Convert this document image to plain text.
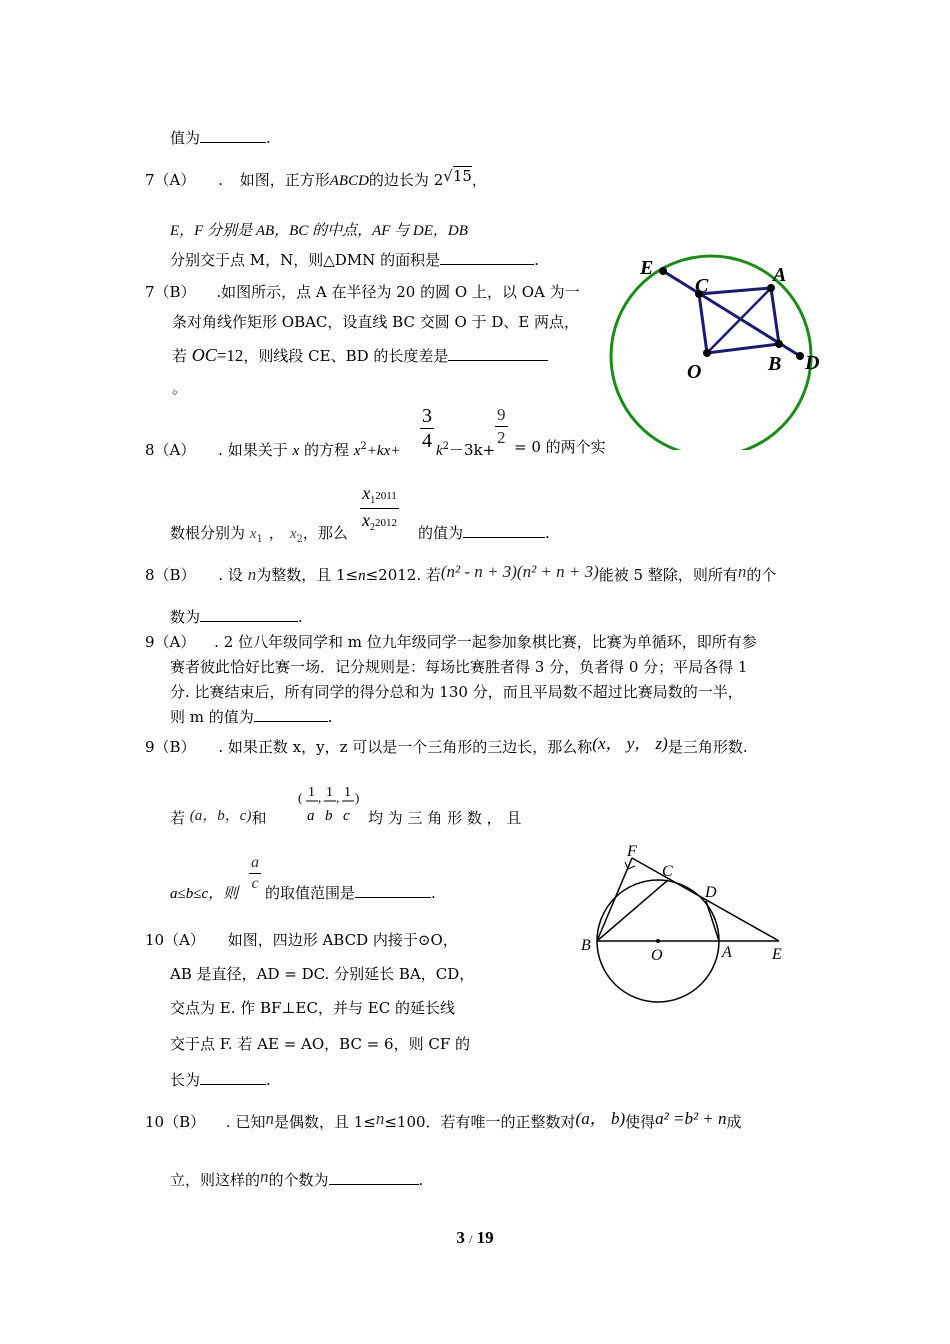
值为	.
7（A） . 如图，正方形ABCD的边长为 2√15，
E，F 分别是 AB，BC 的中点，AF 与 DE，DB
分别交于点 M，N，则△DMN 的面积是	.
7（B） .如图所示，点 A 在半径为 20 的圆 O 上，以 OA 为一
条对角线作矩形 OBAC，设直线 BC 交圆 O 于 D、E 两点，
若 OC=12，则线段 CE、BD 的长度差是
。
E
C	A
O	B D
8（A） . 如果关于 x 的方程 $x^2+kx+ \frac{3}{4} k^2-3k+$
$\frac{9}{2} = 0$ 的两个实
数根分别为 $x_1$ ， $x_2$，那么
$x_12011$
$x_22012$
的值为	.
8（B） . 设 n为整数，且 1≤n≤2012. 若(n² - n + 3)(n² + n + 3)能被 5 整除，则所有n的个
数为	.
9（A） . 2 位八年级同学和 m 位九年级同学一起参加象棋比赛，比赛为单循环，即所有参
赛者彼此恰好比赛一场．记分规则是：每场比赛胜者得 3 分，负者得 0 分；平局各得 1
分. 比赛结束后，所有同学的得分总和为 130 分，而且平局数不超过比赛局数的一半，
则 m 的值为	.
9（B） . 如果正数 x，y，z 可以是一个三角形的三边长，那么称(x， y， z)是三角形数.
若 (a，b，c)和
( 1
a
, 1
b
, 1
c
)
均 为 三 角 形 数 ， 且
a≤b≤c，则 $\frac{a}{c}$ 的取值范围是	.
F
C
D
B
O	A	E
10（A） 如图，四边形 ABCD 内接于⊙O，
AB 是直径，AD = DC. 分别延长 BA，CD，
交点为 E. 作 BF⊥EC，并与 EC 的延长线
交于点 F. 若 AE = AO，BC = 6，则 CF 的
长为	.
10（B） . 已知n是偶数，且 1≤n≤100．若有唯一的正整数对(a， b)使得a² =b² + n成
立，则这样的n的个数为	.
3 / 19
